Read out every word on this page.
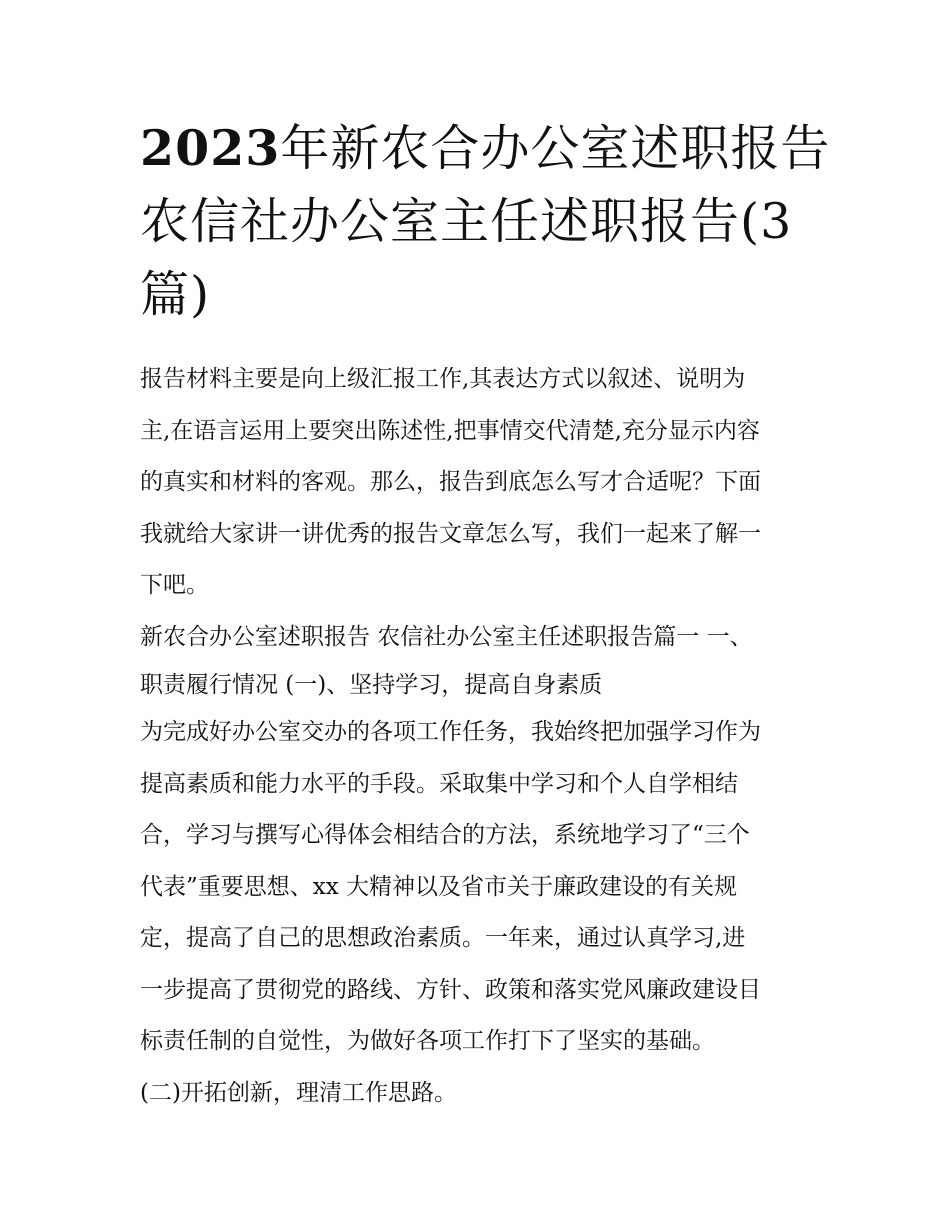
2023年新农合办公室述职报告
农信社办公室主任述职报告(3
篇)
报告材料主要是向上级汇报工作,其表达方式以叙述、说明为
主,在语言运用上要突出陈述性,把事情交代清楚,充分显示内容
的真实和材料的客观。那么，报告到底怎么写才合适呢？下面
我就给大家讲一讲优秀的报告文章怎么写，我们一起来了解一
下吧。
新农合办公室述职报告 农信社办公室主任述职报告篇一 一、
职责履行情况 (一)、坚持学习，提高自身素质
为完成好办公室交办的各项工作任务，我始终把加强学习作为
提高素质和能力水平的手段。采取集中学习和个人自学相结
合，学习与撰写心得体会相结合的方法，系统地学习了“三个
代表”重要思想、xx 大精神以及省市关于廉政建设的有关规
定，提高了自己的思想政治素质。一年来，通过认真学习,进
一步提高了贯彻党的路线、方针、政策和落实党风廉政建设目
标责任制的自觉性，为做好各项工作打下了坚实的基础。
(二)开拓创新，理清工作思路。
